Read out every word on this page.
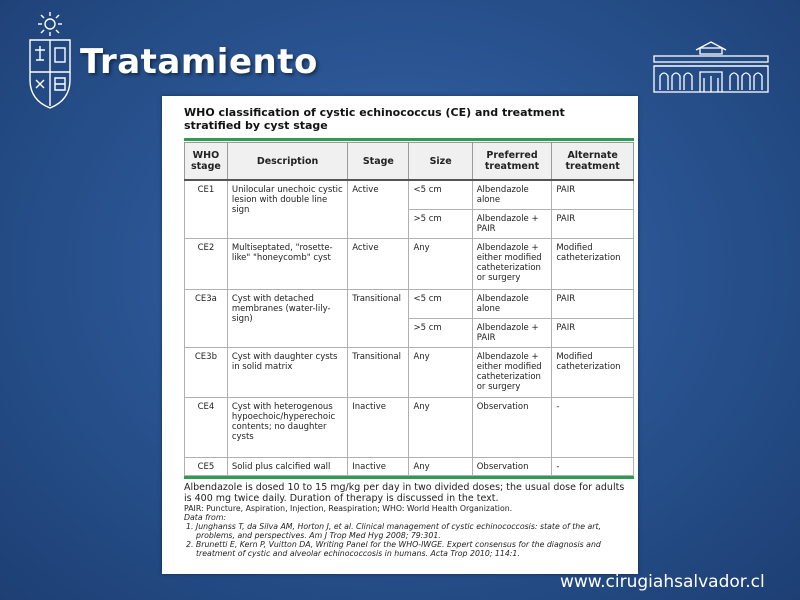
Tratamiento

WHO classification of cystic echinococcus (CE) and treatment stratified by cyst stage

WHO stage	Description	Stage	Size	Preferred treatment	Alternate treatment
CE1	Unilocular unechoic cystic lesion with double line sign	Active	<5 cm	Albendazole alone	PAIR
			>5 cm	Albendazole + PAIR	PAIR
CE2	Multiseptated, "rosette-like" "honeycomb" cyst	Active	Any	Albendazole + either modified catheterization or surgery	Modified catheterization
CE3a	Cyst with detached membranes (water-lily-sign)	Transitional	<5 cm	Albendazole alone	PAIR
			>5 cm	Albendazole + PAIR	PAIR
CE3b	Cyst with daughter cysts in solid matrix	Transitional	Any	Albendazole + either modified catheterization or surgery	Modified catheterization
CE4	Cyst with heterogenous hypoechoic/hyperechoic contents; no daughter cysts	Inactive	Any	Observation	-
CE5	Solid plus calcified wall	Inactive	Any	Observation	-

Albendazole is dosed 10 to 15 mg/kg per day in two divided doses; the usual dose for adults is 400 mg twice daily. Duration of therapy is discussed in the text.

PAIR: Puncture, Aspiration, Injection, Reaspiration; WHO: World Health Organization.

Data from:

1. Junghanss T, da Silva AM, Horton J, et al. Clinical management of cystic echinococcosis: state of the art, problems, and perspectives. Am J Trop Med Hyg 2008; 79:301.

2. Brunetti E, Kern P, Vuitton DA, Writing Panel for the WHO-IWGE. Expert consensus for the diagnosis and treatment of cystic and alveolar echinococcosis in humans. Acta Trop 2010; 114:1.

www.cirugiahsalvador.cl
